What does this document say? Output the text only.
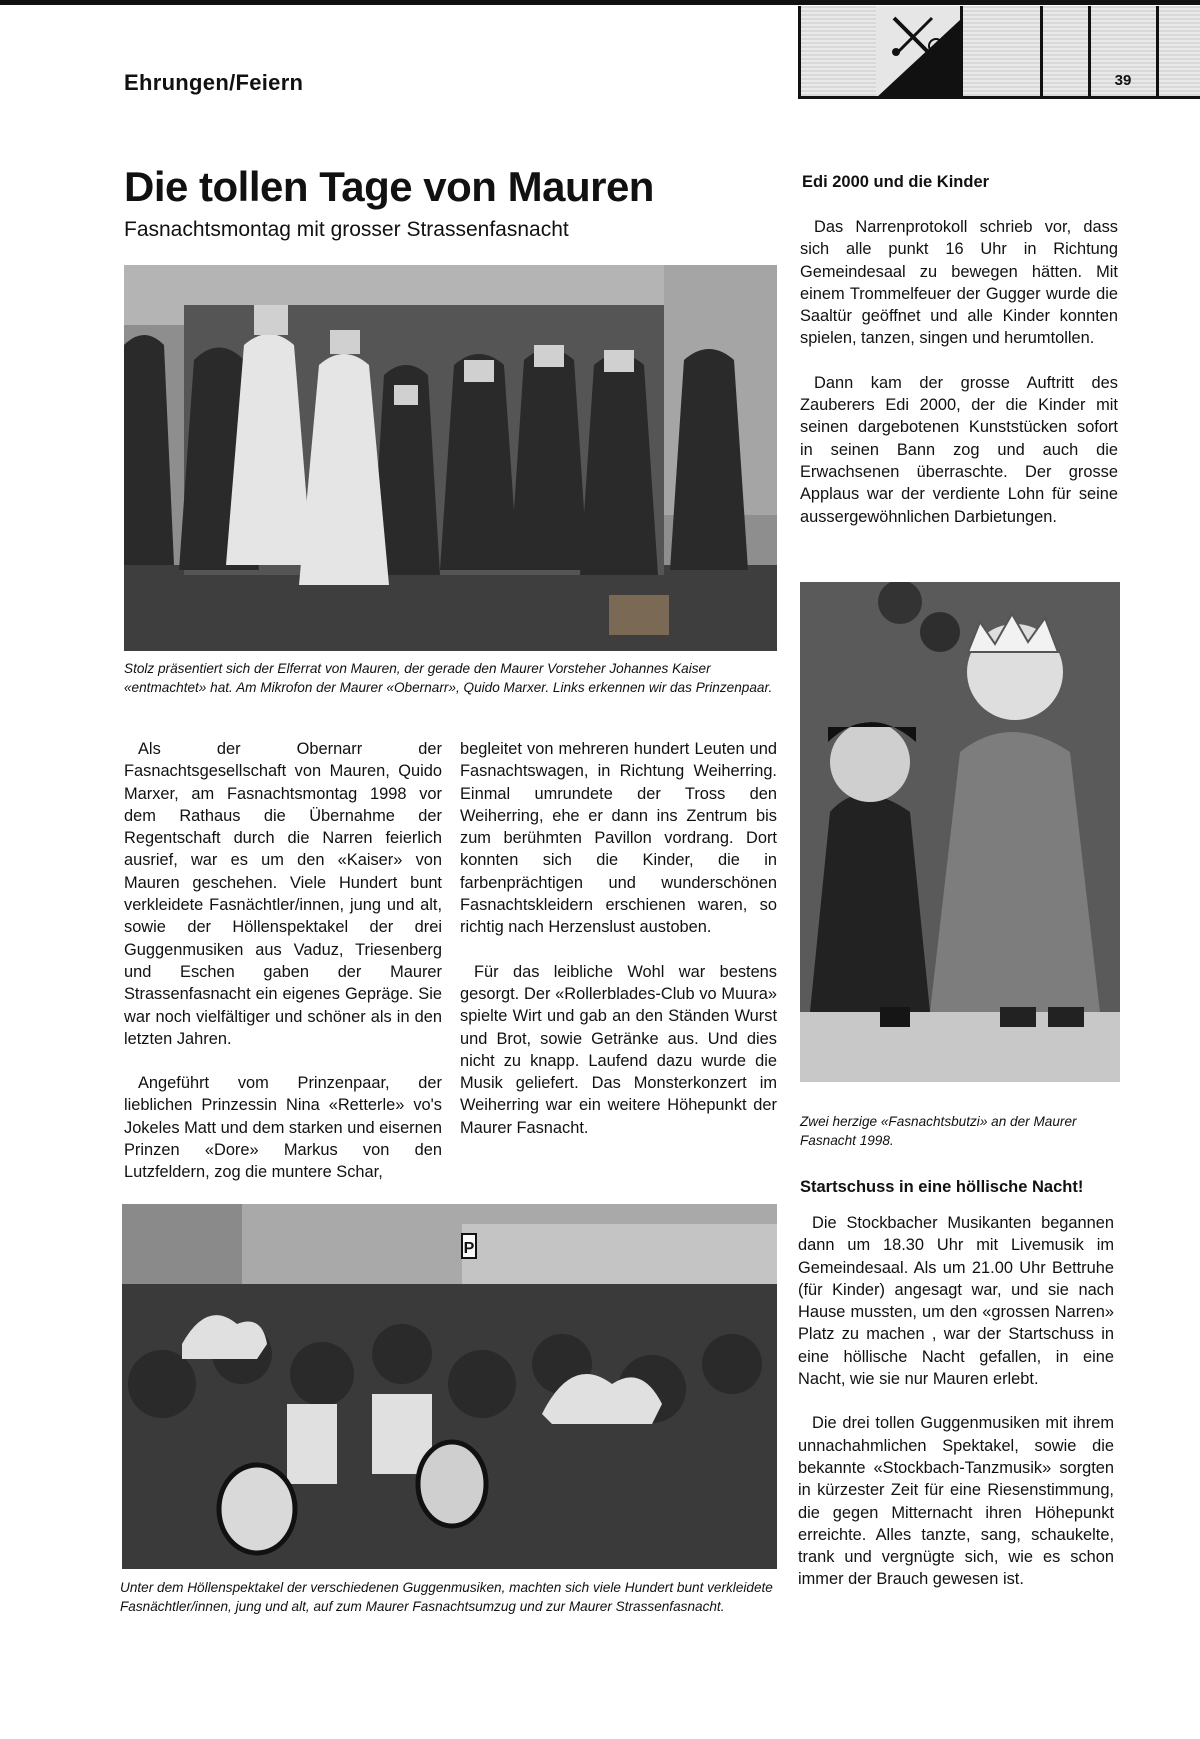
Ehrungen/Feiern	39
Die tollen Tage von Mauren
Fasnachtsmontag mit grosser Strassenfasnacht
Stolz präsentiert sich der Elferrat von Mauren, der gerade den Maurer Vorsteher Johannes Kaiser «entmachtet» hat. Am Mikrofon der Maurer «Obernarr», Quido Marxer. Links erkennen wir das Prinzenpaar.

Als der Obernarr der Fasnachtsgesellschaft von Mauren, Quido Marxer, am Fasnachtsmontag 1998 vor dem Rathaus die Übernahme der Regentschaft durch die Narren feierlich ausrief, war es um den «Kaiser» von Mauren geschehen. Viele Hundert bunt verkleidete Fasnächtler/innen, jung und alt, sowie der Höllenspektakel der drei Guggenmusiken aus Vaduz, Triesenberg und Eschen gaben der Maurer Strassenfasnacht ein eigenes Gepräge. Sie war noch vielfältiger und schöner als in den letzten Jahren.

Angeführt vom Prinzenpaar, der lieblichen Prinzessin Nina «Retterle» vo's Jokeles Matt und dem starken und eisernen Prinzen «Dore» Markus von den Lutzfeldern, zog die muntere Schar,

begleitet von mehreren hundert Leuten und Fasnachtswagen, in Richtung Weiherring. Einmal umrundete der Tross den Weiherring, ehe er dann ins Zentrum bis zum berühmten Pavillon vordrang. Dort konnten sich die Kinder, die in farbenprächtigen und wunderschönen Fasnachtskleidern erschienen waren, so richtig nach Herzenslust austoben.

Für das leibliche Wohl war bestens gesorgt. Der «Rollerblades-Club vo Muura» spielte Wirt und gab an den Ständen Wurst und Brot, sowie Getränke aus. Und dies nicht zu knapp. Laufend dazu wurde die Musik geliefert. Das Monsterkonzert im Weiherring war ein weitere Höhepunkt der Maurer Fasnacht.

Edi 2000 und die Kinder

Das Narrenprotokoll schrieb vor, dass sich alle punkt 16 Uhr in Richtung Gemeindesaal zu bewegen hätten. Mit einem Trommelfeuer der Gugger wurde die Saaltür geöffnet und alle Kinder konnten spielen, tanzen, singen und herumtollen.

Dann kam der grosse Auftritt des Zauberers Edi 2000, der die Kinder mit seinen dargebotenen Kunststücken sofort in seinen Bann zog und auch die Erwachsenen überraschte. Der grosse Applaus war der verdiente Lohn für seine aussergewöhnlichen Darbietungen.

Zwei herzige «Fasnachtsbutzi» an der Maurer Fasnacht 1998.
Startschuss in eine höllische Nacht!

Die Stockbacher Musikanten begannen dann um 18.30 Uhr mit Livemusik im Gemeindesaal. Als um 21.00 Uhr Bettruhe (für Kinder) angesagt war, und sie nach Hause mussten, um den «grossen Narren» Platz zu machen , war der Startschuss in eine höllische Nacht gefallen, in eine Nacht, wie sie nur Mauren erlebt.

Die drei tollen Guggenmusiken mit ihrem unnachahmlichen Spektakel, sowie die bekannte «Stockbach-Tanzmusik» sorgten in kürzester Zeit für eine Riesenstimmung, die gegen Mitternacht ihren Höhepunkt erreichte. Alles tanzte, sang, schaukelte, trank und vergnügte sich, wie es schon immer der Brauch gewesen ist.

P
Unter dem Höllenspektakel der verschiedenen Guggenmusiken, machten sich viele Hundert bunt verkleidete Fasnächtler/innen, jung und alt, auf zum Maurer Fasnachtsumzug und zur Maurer Strassenfasnacht.
